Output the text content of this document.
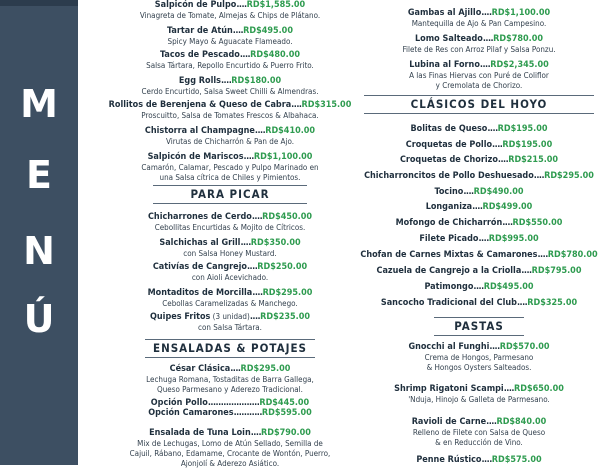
M
E
N
Ú
Salpicón de Pulpo....RD$1,585.00
Vinagreta de Tomate, Almejas & Chips de Plátano.
Tartar de Atún....RD$495.00
Spicy Mayo & Aguacate Flameado.
Tacos de Pescado....RD$480.00
Salsa Tártara, Repollo Encurtido & Puerro Frito.
Egg Rolls....RD$180.00
Cerdo Encurtido, Salsa Sweet Chilli & Almendras.
Rollitos de Berenjena & Queso de Cabra....RD$315.00
Proscuitto, Salsa de Tomates Frescos & Albahaca.
Chistorra al Champagne....RD$410.00
Virutas de Chicharrón & Pan de Ajo.
Salpicón de Mariscos....RD$1,100.00
Camarón, Calamar, Pescado y Pulpo Marinado en
una Salsa cítrica de Chiles y Pimientos.
PARA PICAR
Chicharrones de Cerdo....RD$450.00
Cebollitas Encurtidas & Mojito de Cítricos.
Salchichas al Grill....RD$350.00
con Salsa Honey Mustard.
Cativías de Cangrejo....RD$250.00
con Aioli Acevichado.
Montaditos de Morcilla....RD$295.00
Cebollas Caramelizadas & Manchego.
Quipes Fritos (3 unidad)....RD$235.00
con Salsa Tártara.
ENSALADAS & POTAJES
César Clásica....RD$295.00
Lechuga Romana, Tostaditas de Barra Gallega,
Queso Parmesano y Aderezo Tradicional.
Opción Pollo....................RD$445.00
Opción Camarones...........RD$595.00
Ensalada de Tuna Loin....RD$790.00
Mix de Lechugas, Lomo de Atún Sellado, Semilla de
Cajuil, Rábano, Edamame, Crocante de Wontón, Puerro,
Ajonjolí & Aderezo Asiático.
Gambas al Ajillo....RD$1,100.00
Mantequilla de Ajo & Pan Campesino.
Lomo Salteado....RD$780.00
Filete de Res con Arroz Pilaf y Salsa Ponzu.
Lubina al Forno....RD$2,345.00
A las Finas Hiervas con Puré de Coliflor
y Cremolata de Chorizo.
CLÁSICOS DEL HOYO
Bolitas de Queso....RD$195.00
Croquetas de Pollo....RD$195.00
Croquetas de Chorizo....RD$215.00
Chicharroncitos de Pollo Deshuesado....RD$295.00
Tocino....RD$490.00
Longaniza....RD$499.00
Mofongo de Chicharrón....RD$550.00
Filete Picado....RD$995.00
Chofan de Carnes Mixtas & Camarones....RD$780.00
Cazuela de Cangrejo a la Criolla....RD$795.00
Patimongo....RD$495.00
Sancocho Tradicional del Club....RD$325.00
PASTAS
Gnocchi al Funghi....RD$570.00
Crema de Hongos, Parmesano
& Hongos Oysters Salteados.
Shrimp Rigatoni Scampi....RD$650.00
'Nduja, Hinojo & Galleta de Parmesano.
Ravioli de Carne....RD$840.00
Relleno de Filete con Salsa de Queso
& en Reducción de Vino.
Penne Rústico....RD$575.00
